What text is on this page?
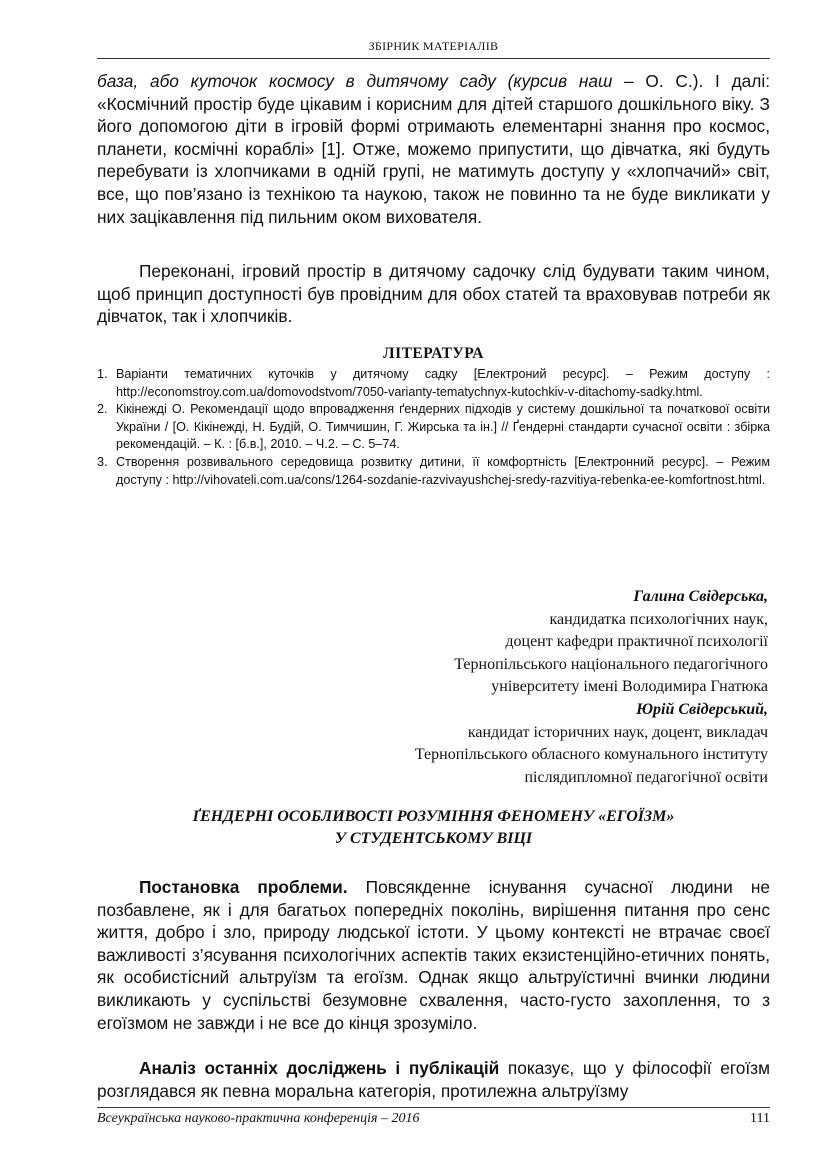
ЗБІРНИК МАТЕРІАЛІВ

база, або куточок космосу в дитячому саду (курсив наш – О. С.). І далі: «Космічний простір буде цікавим і корисним для дітей старшого дошкільного віку. З його допомогою діти в ігровій формі отримають елементарні знання про космос, планети, космічні кораблі» [1]. Отже, можемо припустити, що дівчатка, які будуть перебувати із хлопчиками в одній групі, не матимуть доступу у «хлопчачий» світ, все, що пов’язано із технікою та наукою, також не повинно та не буде викликати у них зацікавлення під пильним оком вихователя.

Переконані, ігровий простір в дитячому садочку слід будувати таким чином, щоб принцип доступності був провідним для обох статей та враховував потреби як дівчаток, так і хлопчиків.

ЛІТЕРАТУРА
1. Варіанти тематичних куточків у дитячому садку [Електроний ресурс]. – Режим доступу : http://economstroy.com.ua/domovodstvom/7050-varianty-tematychnyx-kutochkiv-v-ditachomy-sadky.html.
2. Кікінежді О. Рекомендації щодо впровадження ґендерних підходів у систему дошкільної та початкової освіти України / [О. Кікінежді, Н. Будій, О. Тимчишин, Г. Жирська та ін.] // Ґендерні стандарти сучасної освіти : збірка рекомендацій. – К. : [б.в.], 2010. – Ч.2. – С. 5–74.
3. Створення розвивального середовища розвитку дитини, її комфортність [Електронний ресурс]. – Режим доступу : http://vihovateli.com.ua/cons/1264-sozdanie-razvivayushchej-sredy-razvitiya-rebenka-ee-komfortnost.html.
Галина Свідерська,
кандидатка психологічних наук,
доцент кафедри практичної психології
Тернопільського національного педагогічного
університету імені Володимира Гнатюка
Юрій Свідерський,
кандидат історичних наук, доцент, викладач
Тернопільського обласного комунального інституту
післядипломної педагогічної освіти
ҐЕНДЕРНІ ОСОБЛИВОСТІ РОЗУМІННЯ ФЕНОМЕНУ «ЕГОЇЗМ»
У СТУДЕНТСЬКОМУ ВІЦІ

Постановка проблеми. Повсякденне існування сучасної людини не позбавлене, як і для багатьох попередніх поколінь, вирішення питання про сенс життя, добро і зло, природу людської істоти. У цьому контексті не втрачає своєї важливості з’ясування психологічних аспектів таких екзистенційно-етичних понять, як особистісний альтруїзм та егоїзм. Однак якщо альтруїстичні вчинки людини викликають у суспільстві безумовне схвалення, часто-густо захоплення, то з егоїзмом не завжди і не все до кінця зрозуміло.

Аналіз останніх досліджень і публікацій показує, що у філософії егоїзм розглядався як певна моральна категорія, протилежна альтруїзму

Всеукраїнська науково-практична конференція – 2016	111
